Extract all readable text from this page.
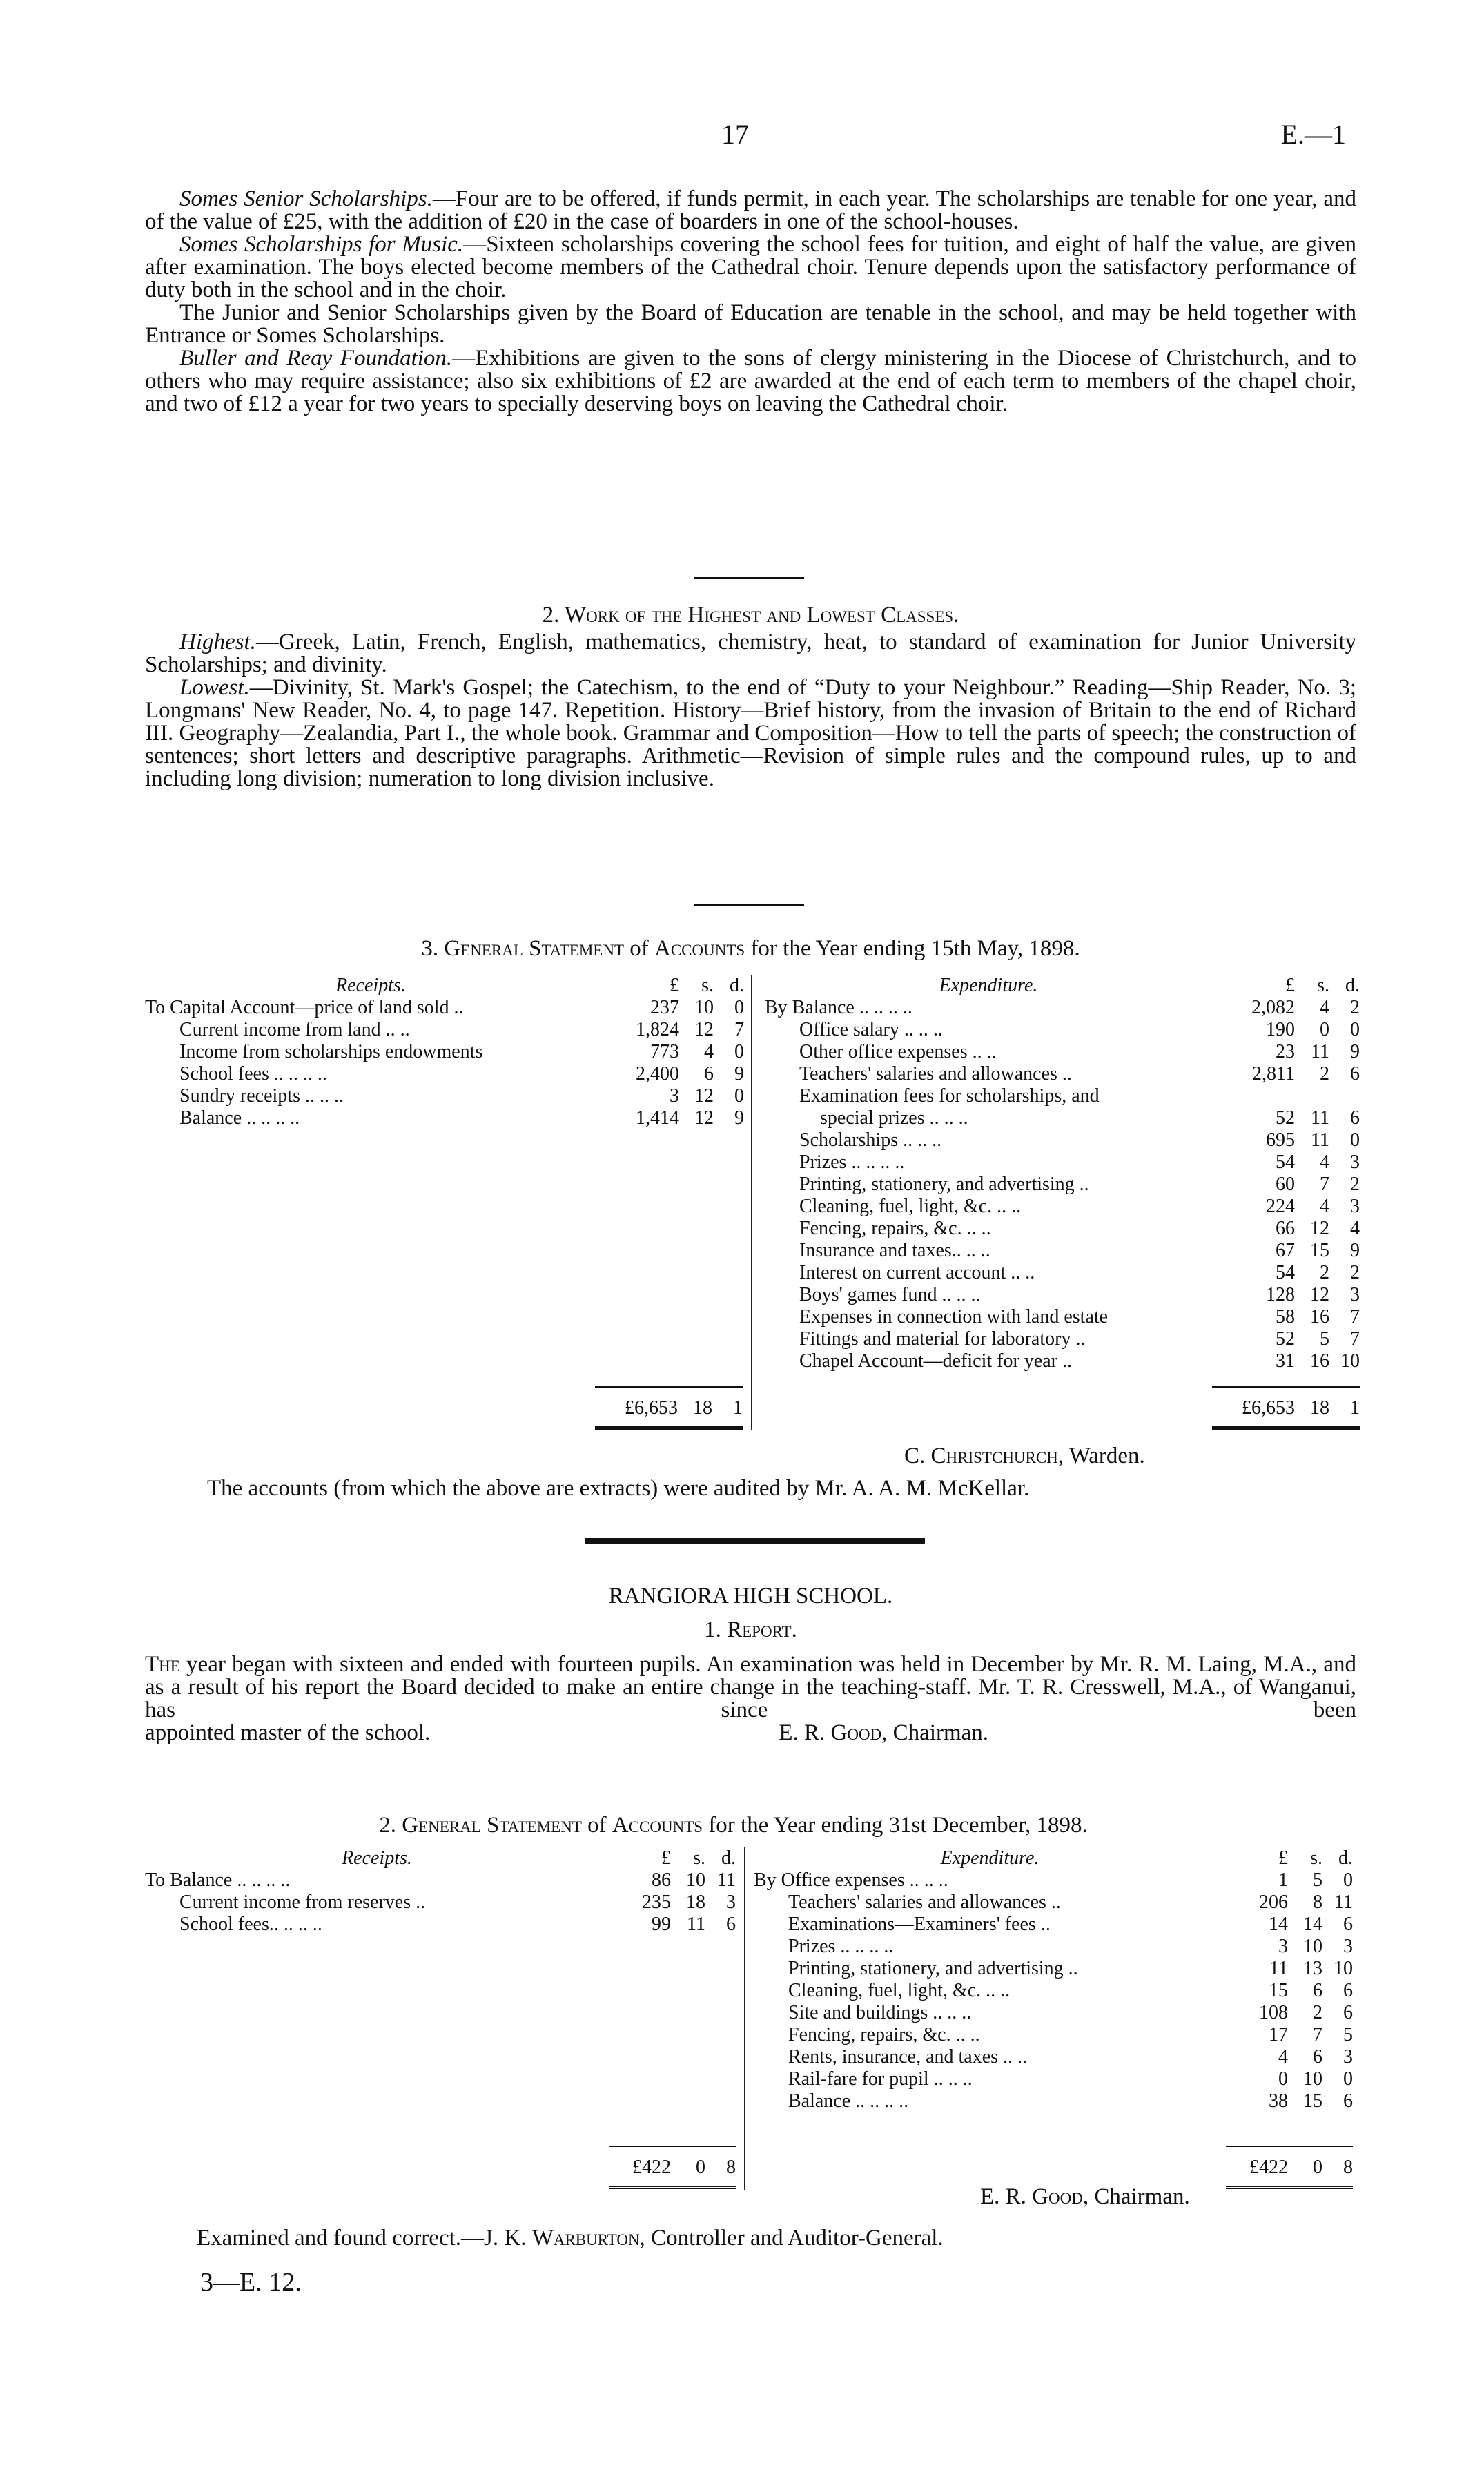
17	E.—1

Somes Senior Scholarships.—Four are to be offered, if funds permit, in each year. The scholarships are tenable for one year, and of the value of £25, with the addition of £20 in the case of boarders in one of the school-houses.

Somes Scholarships for Music.—Sixteen scholarships covering the school fees for tuition, and eight of half the value, are given after examination. The boys elected become members of the Cathedral choir. Tenure depends upon the satisfactory performance of duty both in the school and in the choir.

The Junior and Senior Scholarships given by the Board of Education are tenable in the school, and may be held together with Entrance or Somes Scholarships.

Buller and Reay Foundation.—Exhibitions are given to the sons of clergy ministering in the Diocese of Christchurch, and to others who may require assistance; also six exhibitions of £2 are awarded at the end of each term to members of the chapel choir, and two of £12 a year for two years to specially deserving boys on leaving the Cathedral choir.

2. Work of the Highest and Lowest Classes.

Highest.—Greek, Latin, French, English, mathematics, chemistry, heat, to standard of examination for Junior University Scholarships; and divinity.

Lowest.—Divinity, St. Mark's Gospel; the Catechism, to the end of “Duty to your Neighbour.” Reading—Ship Reader, No. 3; Longmans' New Reader, No. 4, to page 147. Repetition. History—Brief history, from the invasion of Britain to the end of Richard III. Geography—Zealandia, Part I., the whole book. Grammar and Composition—How to tell the parts of speech; the construction of sentences; short letters and descriptive paragraphs. Arithmetic—Revision of simple rules and the compound rules, up to and including long division; numeration to long division inclusive.

3. General Statement of Accounts for the Year ending 15th May, 1898.
Receipts.	£	s. d.
To Capital Account—price of land sold ..	237 10	0
Current income from land .. ..	1,824 12	7
Income from scholarships endowments	773	4	0
School fees .. .. .. ..	2,400	6	9
Sundry receipts .. .. ..	3 12	0
Balance .. .. .. ..	1,414 12	9
£6,653 18	1
Expenditure.	£	s. d.
By Balance .. .. .. ..	2,082	4	2
Office salary .. .. ..	190	0	0
Other office expenses .. ..	23 11	9
Teachers' salaries and allowances ..	2,811	2	6
Examination fees for scholarships, and
special prizes .. .. ..	52 11	6
Scholarships .. .. ..	695 11	0
Prizes .. .. .. ..	54	4	3
Printing, stationery, and advertising ..	60	7	2
Cleaning, fuel, light, &c. .. ..	224	4	3
Fencing, repairs, &c. .. ..	66 12	4
Insurance and taxes.. .. ..	67 15	9
Interest on current account .. ..	54	2	2
Boys' games fund .. .. ..	128 12	3
Expenses in connection with land estate	58 16	7
Fittings and material for laboratory ..	52	5	7
Chapel Account—deficit for year ..	31 16 10
£6,653 18	1
C. Christchurch, Warden.
The accounts (from which the above are extracts) were audited by Mr. A. A. M. McKellar.
RANGIORA HIGH SCHOOL.
1. Report.

The year began with sixteen and ended with fourteen pupils. An examination was held in December by Mr. R. M. Laing, M.A., and as a result of his report the Board decided to make an entire change in the teaching-staff. Mr. T. R. Cresswell, M.A., of Wanganui, has since been

appointed master of the school.	E. R. Good, Chairman.
2. General Statement of Accounts for the Year ending 31st December, 1898.
Receipts.	£	s. d.
To Balance .. .. .. ..	86 10 11
Current income from reserves ..	235 18	3
School fees.. .. .. ..	99 11	6
£422	0	8
Expenditure.	£	s. d.
By Office expenses .. .. ..	1	5	0
Teachers' salaries and allowances ..	206	8 11
Examinations—Examiners' fees ..	14 14	6
Prizes .. .. .. ..	3 10	3
Printing, stationery, and advertising ..	11 13 10
Cleaning, fuel, light, &c. .. ..	15	6	6
Site and buildings .. .. ..	108	2	6
Fencing, repairs, &c. .. ..	17	7	5
Rents, insurance, and taxes .. ..	4	6	3
Rail-fare for pupil .. .. ..	0 10	0
Balance .. .. .. ..	38 15	6
£422	0	8
E. R. Good, Chairman.
Examined and found correct.—J. K. Warburton, Controller and Auditor-General.
3—E. 12.
